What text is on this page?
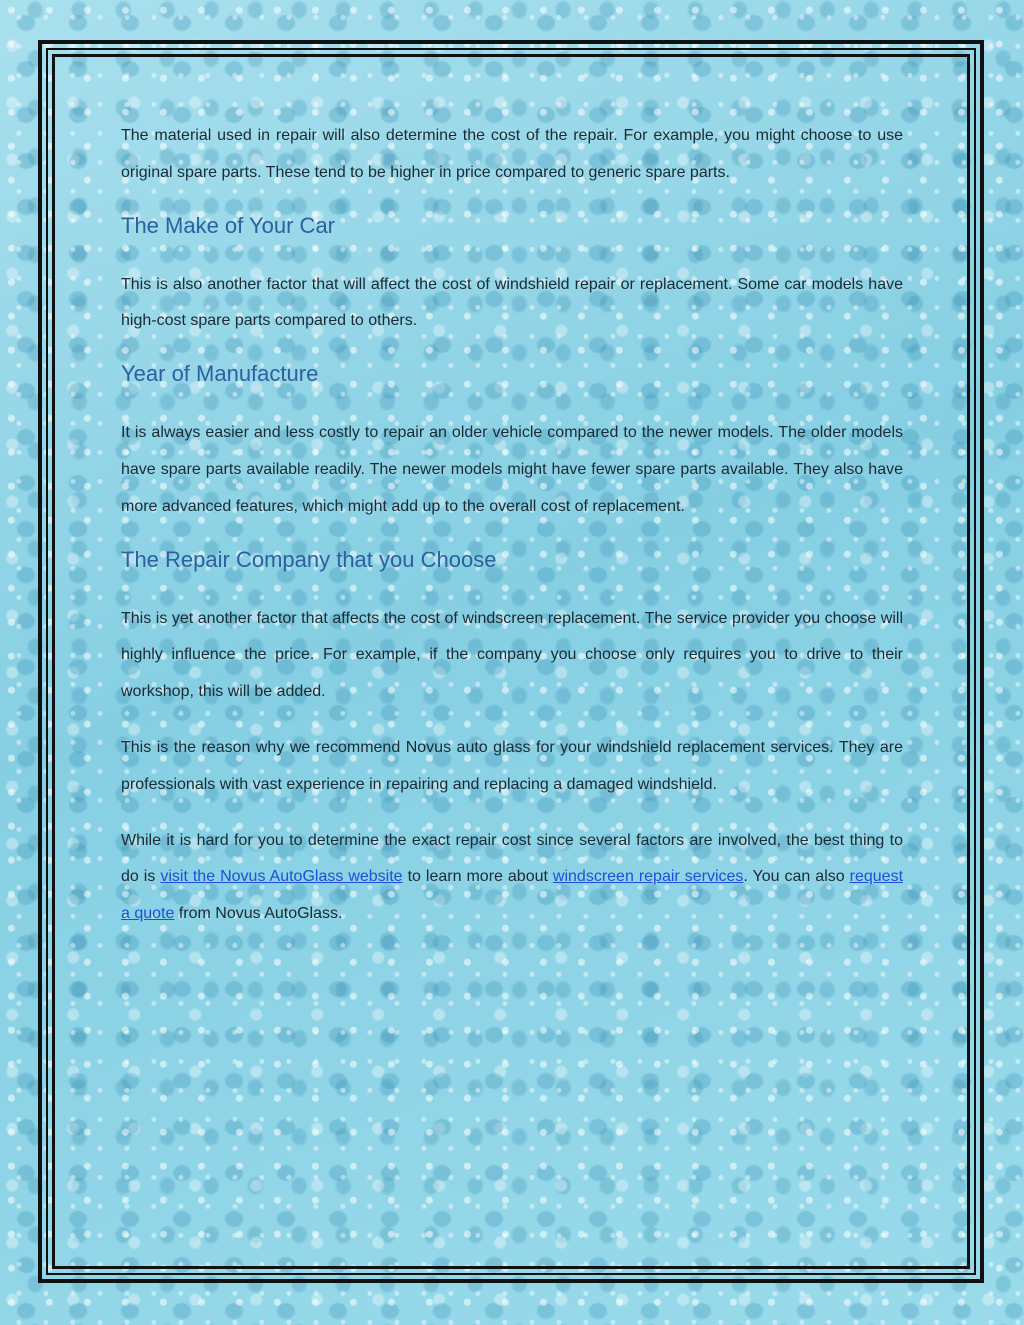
The material used in repair will also determine the cost of the repair. For example, you might choose to use original spare parts. These tend to be higher in price compared to generic spare parts.

The Make of Your Car

This is also another factor that will affect the cost of windshield repair or replacement. Some car models have high-cost spare parts compared to others.

Year of Manufacture

It is always easier and less costly to repair an older vehicle compared to the newer models. The older models have spare parts available readily. The newer models might have fewer spare parts available. They also have more advanced features, which might add up to the overall cost of replacement.

The Repair Company that you Choose

This is yet another factor that affects the cost of windscreen replacement. The service provider you choose will highly influence the price. For example, if the company you choose only requires you to drive to their workshop, this will be added.

This is the reason why we recommend Novus auto glass for your windshield replacement services. They are professionals with vast experience in repairing and replacing a damaged windshield.

While it is hard for you to determine the exact repair cost since several factors are involved, the best thing to do is visit the Novus AutoGlass website to learn more about windscreen repair services. You can also request a quote from Novus AutoGlass.
